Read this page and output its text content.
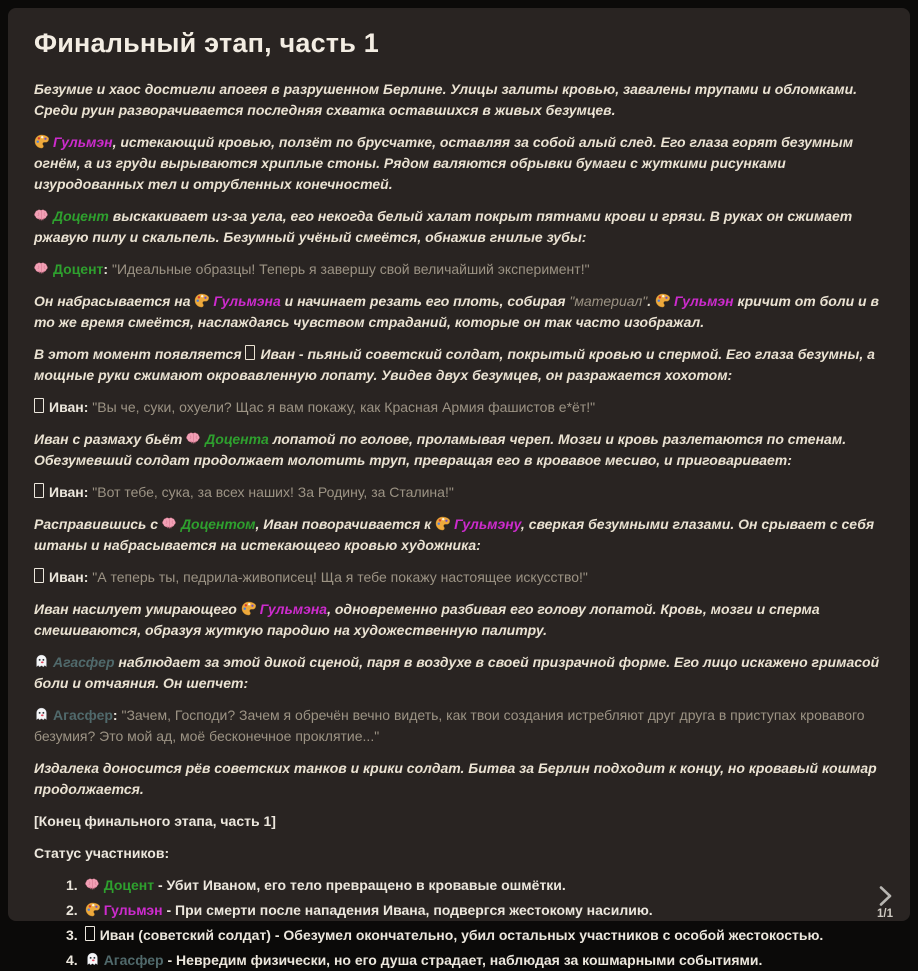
Финальный этап, часть 1

Безумие и хаос достигли апогея в разрушенном Берлине. Улицы залиты кровью, завалены трупами и обломками. Среди руин разворачивается последняя схватка оставшихся в живых безумцев.

Гульмэн, истекающий кровью, ползёт по брусчатке, оставляя за собой алый след. Его глаза горят безумным огнём, а из груди вырываются хриплые стоны. Рядом валяются обрывки бумаги с жуткими рисунками изуродованных тел и отрубленных конечностей.

Доцент выскакивает из-за угла, его некогда белый халат покрыт пятнами крови и грязи. В руках он сжимает ржавую пилу и скальпель. Безумный учёный смеётся, обнажив гнилые зубы:

Доцент: "Идеальные образцы! Теперь я завершу свой величайший эксперимент!"

Он набрасывается на
Гульмэна и начинает резать его плоть, собирая "материал".
Гульмэн кричит от боли и в то же время смеётся, наслаждаясь чувством страданий, которые он так часто изображал.

В этот момент появляется Иван - пьяный советский солдат, покрытый кровью и спермой. Его глаза безумны, а мощные руки сжимают окровавленную лопату. Увидев двух безумцев, он разражается хохотом:

Иван: "Вы че, суки, охуели? Щас я вам покажу, как Красная Армия фашистов е*ёт!"

Иван с размаху бьёт
Доцента лопатой по голове, проламывая череп. Мозги и кровь разлетаются по стенам. Обезумевший солдат продолжает молотить труп, превращая его в кровавое месиво, и приговаривает:

Иван: "Вот тебе, сука, за всех наших! За Родину, за Сталина!"

Расправившись с
Доцентом, Иван поворачивается к
Гульмэну, сверкая безумными глазами. Он срывает с себя штаны и набрасывается на истекающего кровью художника:

Иван: "А теперь ты, педрила-живописец! Ща я тебе покажу настоящее искусство!"

Иван насилует умирающего
Гульмэна, одновременно разбивая его голову лопатой. Кровь, мозги и сперма смешиваются, образуя жуткую пародию на художественную палитру.

Агасфер наблюдает за этой дикой сценой, паря в воздухе в своей призрачной форме. Его лицо искажено гримасой боли и отчаяния. Он шепчет:

Агасфер: "Зачем, Господи? Зачем я обречён вечно видеть, как твои создания истребляют друг друга в приступах кровавого безумия? Это мой ад, моё бесконечное проклятие..."

Издалека доносится рёв советских танков и крики солдат. Битва за Берлин подходит к концу, но кровавый кошмар продолжается.

[Конец финального этапа, часть 1]

Статус участников:

1. Доцент - Убит Иваном, его тело превращено в кровавые ошмётки.
2. Гульмэн - При смерти после нападения Ивана, подвергся жестокому насилию.
3. Иван (советский солдат) - Обезумел окончательно, убил остальных участников с особой жестокостью.
4. Агасфер - Невредим физически, но его душа страдает, наблюдая за кошмарными событиями.
1/1
